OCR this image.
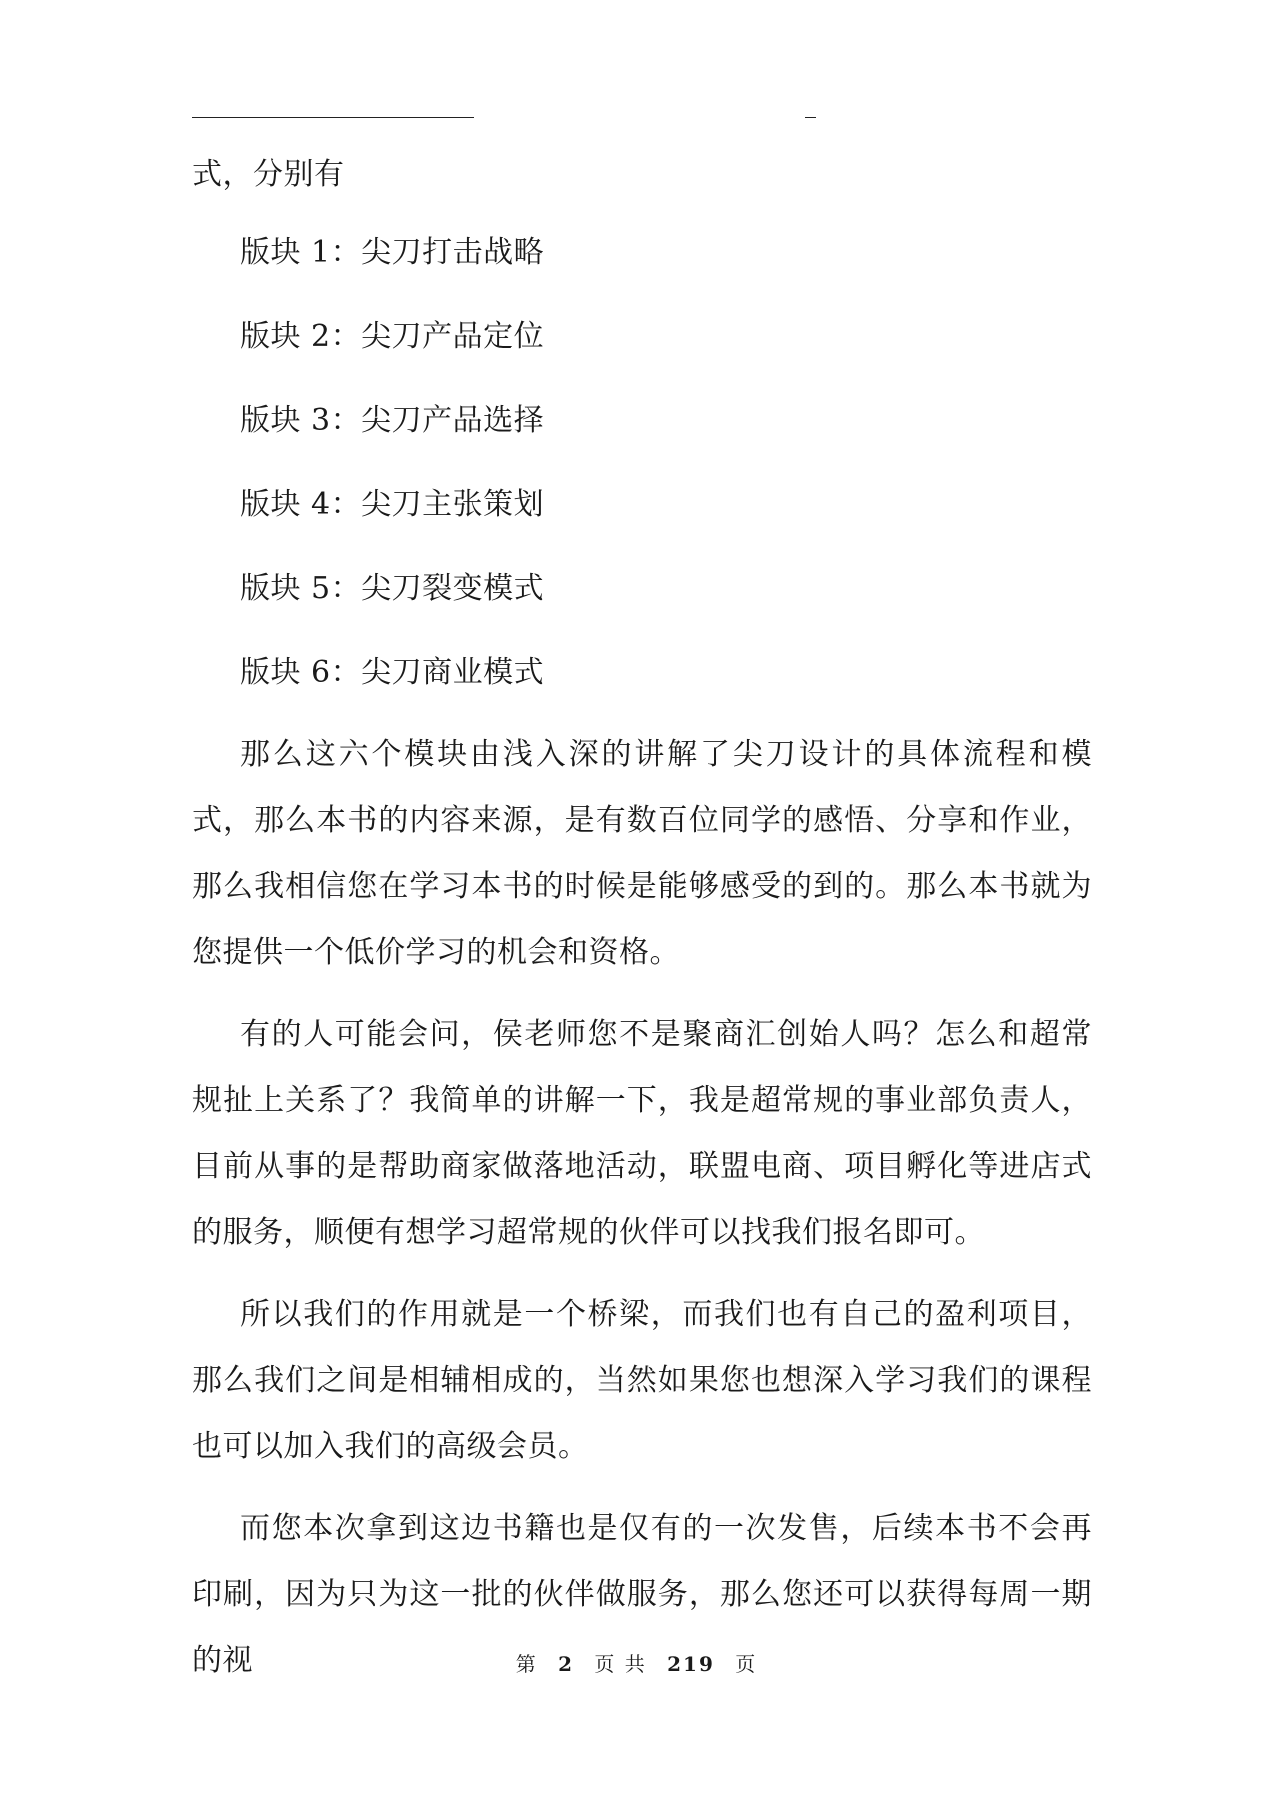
式，分别有
版块 1：尖刀打击战略
版块 2：尖刀产品定位
版块 3：尖刀产品选择
版块 4：尖刀主张策划
版块 5：尖刀裂变模式
版块 6：尖刀商业模式

那么这六个模块由浅入深的讲解了尖刀设计的具体流程和模式，那么本书的内容来源，是有数百位同学的感悟、分享和作业，那么我相信您在学习本书的时候是能够感受的到的。那么本书就为您提供一个低价学习的机会和资格。

有的人可能会问，侯老师您不是聚商汇创始人吗？怎么和超常规扯上关系了？我简单的讲解一下，我是超常规的事业部负责人，目前从事的是帮助商家做落地活动，联盟电商、项目孵化等进店式的服务，顺便有想学习超常规的伙伴可以找我们报名即可。

所以我们的作用就是一个桥梁，而我们也有自己的盈利项目，那么我们之间是相辅相成的，当然如果您也想深入学习我们的课程也可以加入我们的高级会员。

而您本次拿到这边书籍也是仅有的一次发售，后续本书不会再印刷，因为只为这一批的伙伴做服务，那么您还可以获得每周一期的视	第 2 页 共 219 页
